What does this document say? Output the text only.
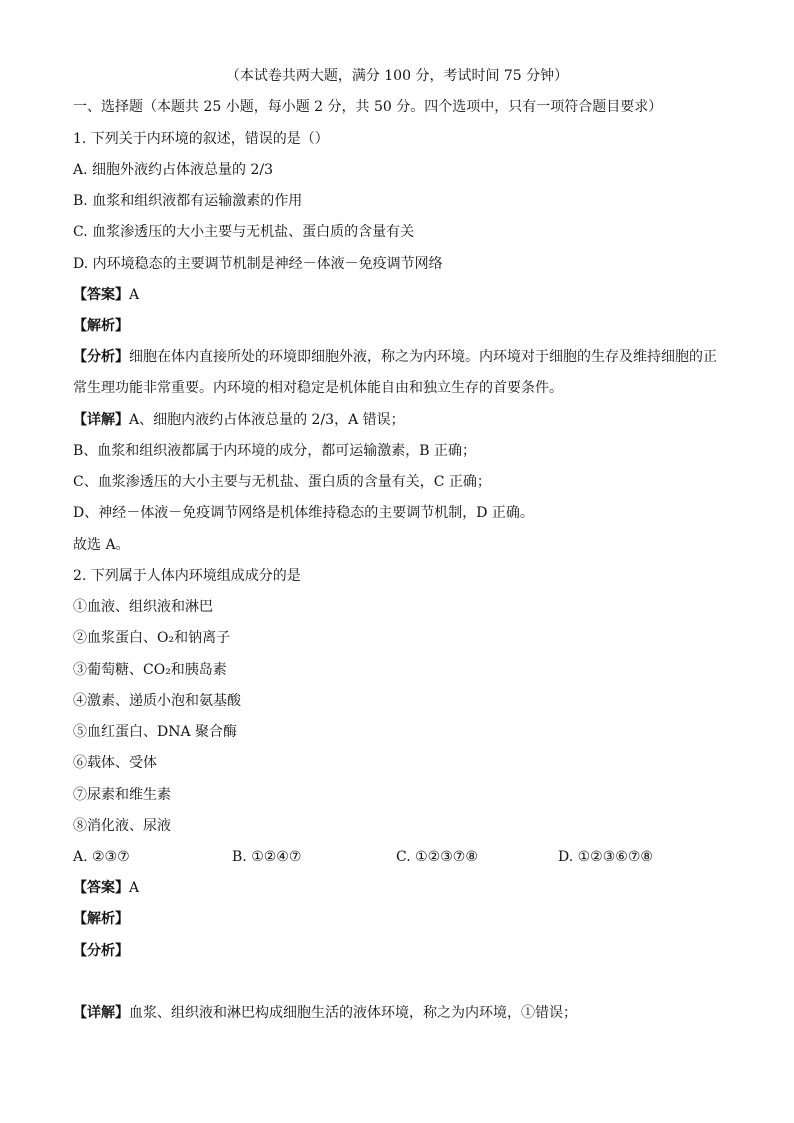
（本试卷共两大题，满分 100 分，考试时间 75 分钟）
一、选择题（本题共 25 小题，每小题 2 分，共 50 分。四个选项中，只有一项符合题目要求）
1. 下列关于内环境的叙述，错误的是（）
A. 细胞外液约占体液总量的 2/3
B. 血浆和组织液都有运输激素的作用
C. 血浆渗透压的大小主要与无机盐、蛋白质的含量有关
D. 内环境稳态的主要调节机制是神经－体液－免疫调节网络
【答案】A
【解析】
【分析】细胞在体内直接所处的环境即细胞外液，称之为内环境。内环境对于细胞的生存及维持细胞的正
常生理功能非常重要。内环境的相对稳定是机体能自由和独立生存的首要条件。
【详解】A、细胞内液约占体液总量的 2/3，A 错误；
B、血浆和组织液都属于内环境的成分，都可运输激素，B 正确；
C、血浆渗透压的大小主要与无机盐、蛋白质的含量有关，C 正确；
D、神经－体液－免疫调节网络是机体维持稳态的主要调节机制，D 正确。
故选 A。
2. 下列属于人体内环境组成成分的是
①血液、组织液和淋巴
②血浆蛋白、O₂和钠离子
③葡萄糖、CO₂和胰岛素
④激素、递质小泡和氨基酸
⑤血红蛋白、DNA 聚合酶
⑥载体、受体
⑦尿素和维生素
⑧消化液、尿液
A. ②③⑦	B. ①②④⑦	C. ①②③⑦⑧	D. ①②③⑥⑦⑧
【答案】A
【解析】
【分析】
【详解】血浆、组织液和淋巴构成细胞生活的液体环境，称之为内环境，①错误；
